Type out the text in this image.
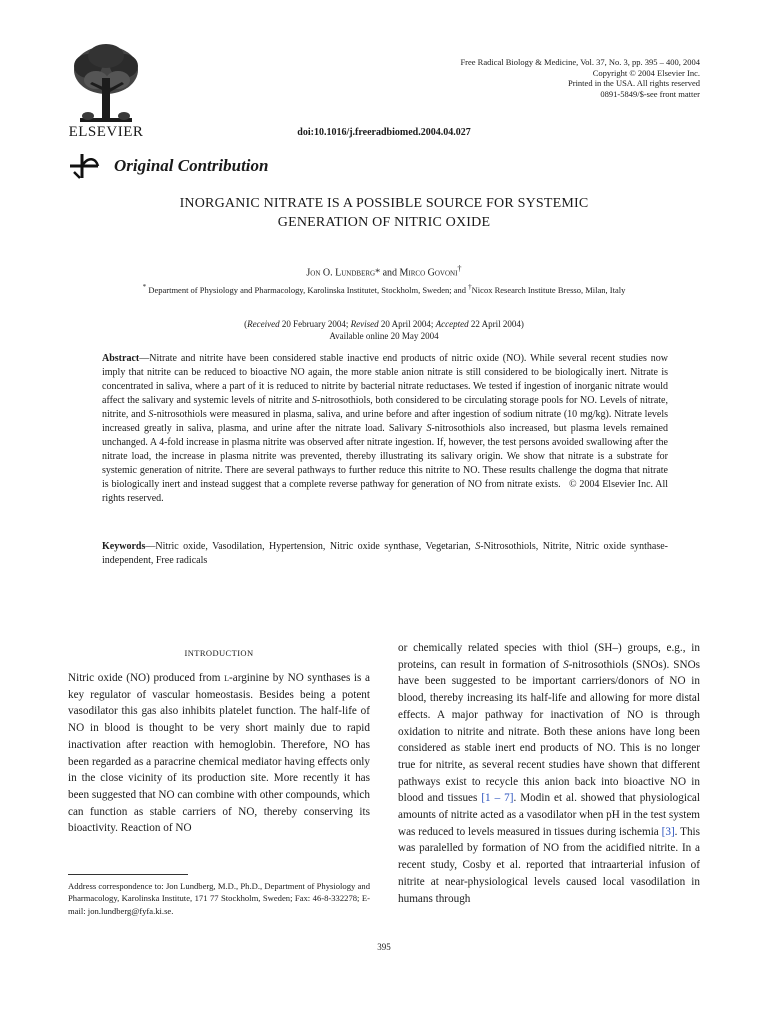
ELSEVIER
Free Radical Biology & Medicine, Vol. 37, No. 3, pp. 395 – 400, 2004
Copyright © 2004 Elsevier Inc.
Printed in the USA. All rights reserved
0891-5849/$-see front matter
doi:10.1016/j.freeradbiomed.2004.04.027
Original Contribution
INORGANIC NITRATE IS A POSSIBLE SOURCE FOR SYSTEMIC
GENERATION OF NITRIC OXIDE
Jon O. Lundberg* and Mirco Govoni†
* Department of Physiology and Pharmacology, Karolinska Institutet, Stockholm, Sweden; and †Nicox Research Institute Bresso, Milan, Italy
(Received 20 February 2004; Revised 20 April 2004; Accepted 22 April 2004)
Available online 20 May 2004
Abstract—Nitrate and nitrite have been considered stable inactive end products of nitric oxide (NO). While several recent studies now imply that nitrite can be reduced to bioactive NO again, the more stable anion nitrate is still considered to be biologically inert. Nitrate is concentrated in saliva, where a part of it is reduced to nitrite by bacterial nitrate reductases. We tested if ingestion of inorganic nitrate would affect the salivary and systemic levels of nitrite and S-nitrosothiols, both considered to be circulating storage pools for NO. Levels of nitrate, nitrite, and S-nitrosothiols were measured in plasma, saliva, and urine before and after ingestion of sodium nitrate (10 mg/kg). Nitrate levels increased greatly in saliva, plasma, and urine after the nitrate load. Salivary S-nitrosothiols also increased, but plasma levels remained unchanged. A 4-fold increase in plasma nitrite was observed after nitrate ingestion. If, however, the test persons avoided swallowing after the nitrate load, the increase in plasma nitrite was prevented, thereby illustrating its salivary origin. We show that nitrate is a substrate for systemic generation of nitrite. There are several pathways to further reduce this nitrite to NO. These results challenge the dogma that nitrate is biologically inert and instead suggest that a complete reverse pathway for generation of NO from nitrate exists. © 2004 Elsevier Inc. All rights reserved.
Keywords—Nitric oxide, Vasodilation, Hypertension, Nitric oxide synthase, Vegetarian, S-Nitrosothiols, Nitrite, Nitric oxide synthase-independent, Free radicals
INTRODUCTION
Nitric oxide (NO) produced from l-arginine by NO synthases is a key regulator of vascular homeostasis. Besides being a potent vasodilator this gas also inhibits platelet function. The half-life of NO in blood is thought to be very short mainly due to rapid inactivation after reaction with hemoglobin. Therefore, NO has been regarded as a paracrine chemical mediator having effects only in the close vicinity of its production site. More recently it has been suggested that NO can combine with other compounds, which can function as stable carriers of NO, thereby conserving its bioactivity. Reaction of NO
or chemically related species with thiol (SH–) groups, e.g., in proteins, can result in formation of S-nitrosothiols (SNOs). SNOs have been suggested to be important carriers/donors of NO in blood, thereby increasing its half-life and allowing for more distal effects. A major pathway for inactivation of NO is through oxidation to nitrite and nitrate. Both these anions have long been considered as stable inert end products of NO. This is no longer true for nitrite, as several recent studies have shown that different pathways exist to recycle this anion back into bioactive NO in blood and tissues [1 – 7]. Modin et al. showed that physiological amounts of nitrite acted as a vasodilator when pH in the test system was reduced to levels measured in tissues during ischemia [3]. This was paralelled by formation of NO from the acidified nitrite. In a recent study, Cosby et al. reported that intraarterial infusion of nitrite at near-physiological levels caused local vasodilation in humans through
Address correspondence to: Jon Lundberg, M.D., Ph.D., Department of Physiology and Pharmacology, Karolinska Institute, 171 77 Stockholm, Sweden; Fax: 46-8-332278; E-mail: jon.lundberg@fyfa.ki.se.
395
